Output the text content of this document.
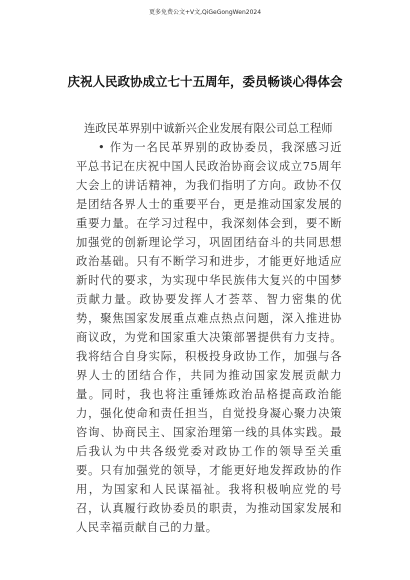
更多免费公文+V文,QiGeGongWen2024
庆祝人民政协成立七十五周年，委员畅谈心得体会
连政民革界别中诚新兴企业发展有限公司总工程师

• 作为一名民革界别的政协委员，我深感习近平总书记在庆祝中国人民政治协商会议成立75周年大会上的讲话精神，为我们指明了方向。政协不仅是团结各界人士的重要平台，更是推动国家发展的重要力量。在学习过程中，我深刻体会到，要不断加强党的创新理论学习，巩固团结奋斗的共同思想政治基础。只有不断学习和进步，才能更好地适应新时代的要求，为实现中华民族伟大复兴的中国梦贡献力量。政协要发挥人才荟萃、智力密集的优势，聚焦国家发展重点难点热点问题，深入推进协商议政，为党和国家重大决策部署提供有力支持。我将结合自身实际，积极投身政协工作，加强与各界人士的团结合作，共同为推动国家发展贡献力量。同时，我也将注重锤炼政治品格提高政治能力，强化使命和责任担当，自觉投身凝心聚力决策咨询、协商民主、国家治理第一线的具体实践。最后我认为中共各级党委对政协工作的领导至关重要。只有加强党的领导，才能更好地发挥政协的作用，为国家和人民谋福祉。我将积极响应党的号召，认真履行政协委员的职责，为推动国家发展和人民幸福贡献自己的力量。
